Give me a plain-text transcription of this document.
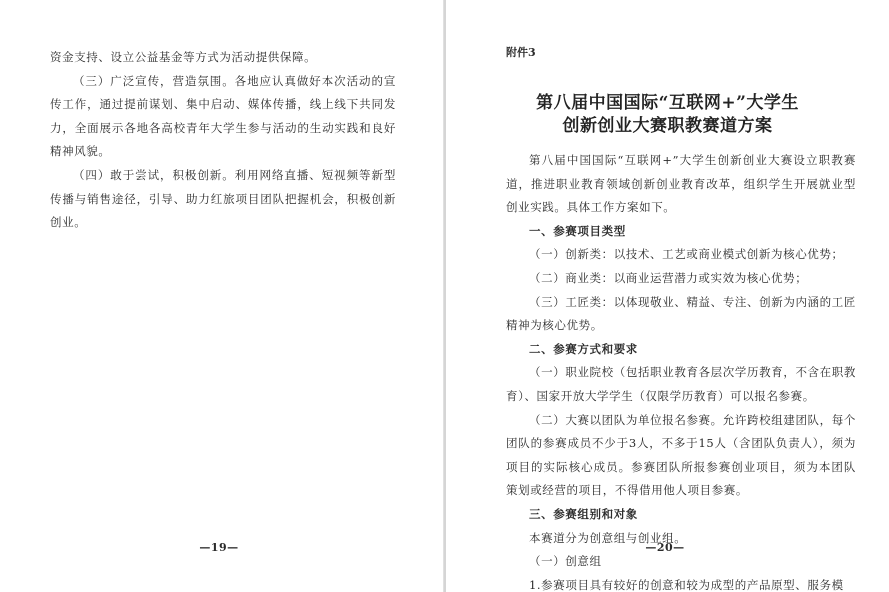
资金支持、设立公益基金等方式为活动提供保障。

（三）广泛宣传，营造氛围。各地应认真做好本次活动的宣传工作，通过提前谋划、集中启动、媒体传播，线上线下共同发力，全面展示各地各高校青年大学生参与活动的生动实践和良好精神风貌。

（四）敢于尝试，积极创新。利用网络直播、短视频等新型传播与销售途径，引导、助力红旅项目团队把握机会，积极创新创业。

—19—
附件3
第八届中国国际“互联网+”大学生
创新创业大赛职教赛道方案

第八届中国国际“互联网+”大学生创新创业大赛设立职教赛道，推进职业教育领域创新创业教育改革，组织学生开展就业型创业实践。具体工作方案如下。

一、参赛项目类型

（一）创新类：以技术、工艺或商业模式创新为核心优势；

（二）商业类：以商业运营潜力或实效为核心优势；

（三）工匠类：以体现敬业、精益、专注、创新为内涵的工匠精神为核心优势。

二、参赛方式和要求

（一）职业院校（包括职业教育各层次学历教育，不含在职教育）、国家开放大学学生（仅限学历教育）可以报名参赛。

（二）大赛以团队为单位报名参赛。允许跨校组建团队，每个团队的参赛成员不少于3人，不多于15人（含团队负责人），须为项目的实际核心成员。参赛团队所报参赛创业项目，须为本团队策划或经营的项目，不得借用他人项目参赛。

三、参赛组别和对象

本赛道分为创意组与创业组。

（一）创意组

1.参赛项目具有较好的创意和较为成型的产品原型、服务模

—20—
